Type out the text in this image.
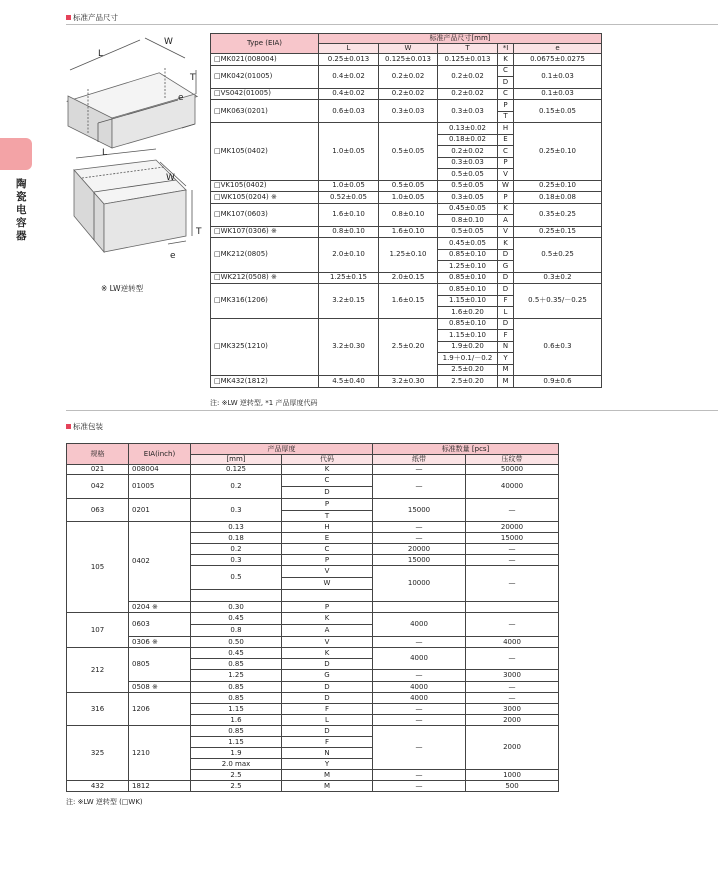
标准产品尺寸
标准包装
陶
瓷
电
容
器
L
W
T
e
L
W
T
e
※ LW逆转型
Type (EIA)	标准产品尺寸[mm]				
	L	W	T	*I	e
□MK021(008004)	0.25±0.013	0.125±0.013	0.125±0.013	K	0.0675±0.0275
□MK042(01005)	0.4±0.02	0.2±0.02	0.2±0.02	C	0.1±0.03
				D	
□VS042(01005)	0.4±0.02	0.2±0.02	0.2±0.02	C	0.1±0.03
□MK063(0201)	0.6±0.03	0.3±0.03	0.3±0.03	P	0.15±0.05
				T	
□MK105(0402)	1.0±0.05	0.5±0.05	0.13±0.02	H	0.25±0.10
			0.18±0.02	E	
			0.2±0.02	C	
			0.3±0.03	P	
			0.5±0.05	V	
□VK105(0402)	1.0±0.05	0.5±0.05	0.5±0.05	W	0.25±0.10
□WK105(0204) ※	0.52±0.05	1.0±0.05	0.3±0.05	P	0.18±0.08
□MK107(0603)	1.6±0.10	0.8±0.10	0.45±0.05	K	0.35±0.25
			0.8±0.10	A	
□WK107(0306) ※	0.8±0.10	1.6±0.10	0.5±0.05	V	0.25±0.15
□MK212(0805)	2.0±0.10	1.25±0.10	0.45±0.05	K	0.5±0.25
			0.85±0.10	D	
			1.25±0.10	G	
□WK212(0508) ※	1.25±0.15	2.0±0.15	0.85±0.10	D	0.3±0.2
□MK316(1206)	3.2±0.15	1.6±0.15	0.85±0.10	D	0.5＋0.35/－0.25
			1.15±0.10	F	
			1.6±0.20	L	
□MK325(1210)	3.2±0.30	2.5±0.20	0.85±0.10	D	0.6±0.3
			1.15±0.10	F	
			1.9±0.20	N	
			1.9＋0.1/－0.2	Y	
			2.5±0.20	M	
□MK432(1812)	4.5±0.40	3.2±0.30	2.5±0.20	M	0.9±0.6
注: ※LW 逆转型, *1 产品厚度代码
规格	EIA(inch)	产品厚度		标准数量 [pcs]	
		[mm]	代码	纸带	压纹带
021	008004	0.125	K	—	50000
042	01005	0.2	C	—	40000
			D		
063	0201	0.3	P	15000	—
			T		
105	0402	0.13	H	—	20000
		0.18	E	—	15000
		0.2	C	20000	—
		0.3	P	15000	—
		0.5	V	10000	—
			W		

	0204 ※	0.30	P		
107	0603	0.45	K	4000	—
		0.8	A		
	0306 ※	0.50	V	—	4000
212	0805	0.45	K	4000	—
		0.85	D		
		1.25	G	—	3000
	0508 ※	0.85	D	4000	—
316	1206	0.85	D	4000	—
		1.15	F	—	3000
		1.6	L	—	2000
325	1210	0.85	D	—	2000
		1.15	F		
		1.9	N		
		2.0 max	Y		
		2.5	M	—	1000
432	1812	2.5	M	—	500
注: ※LW 逆转型 (□WK)
